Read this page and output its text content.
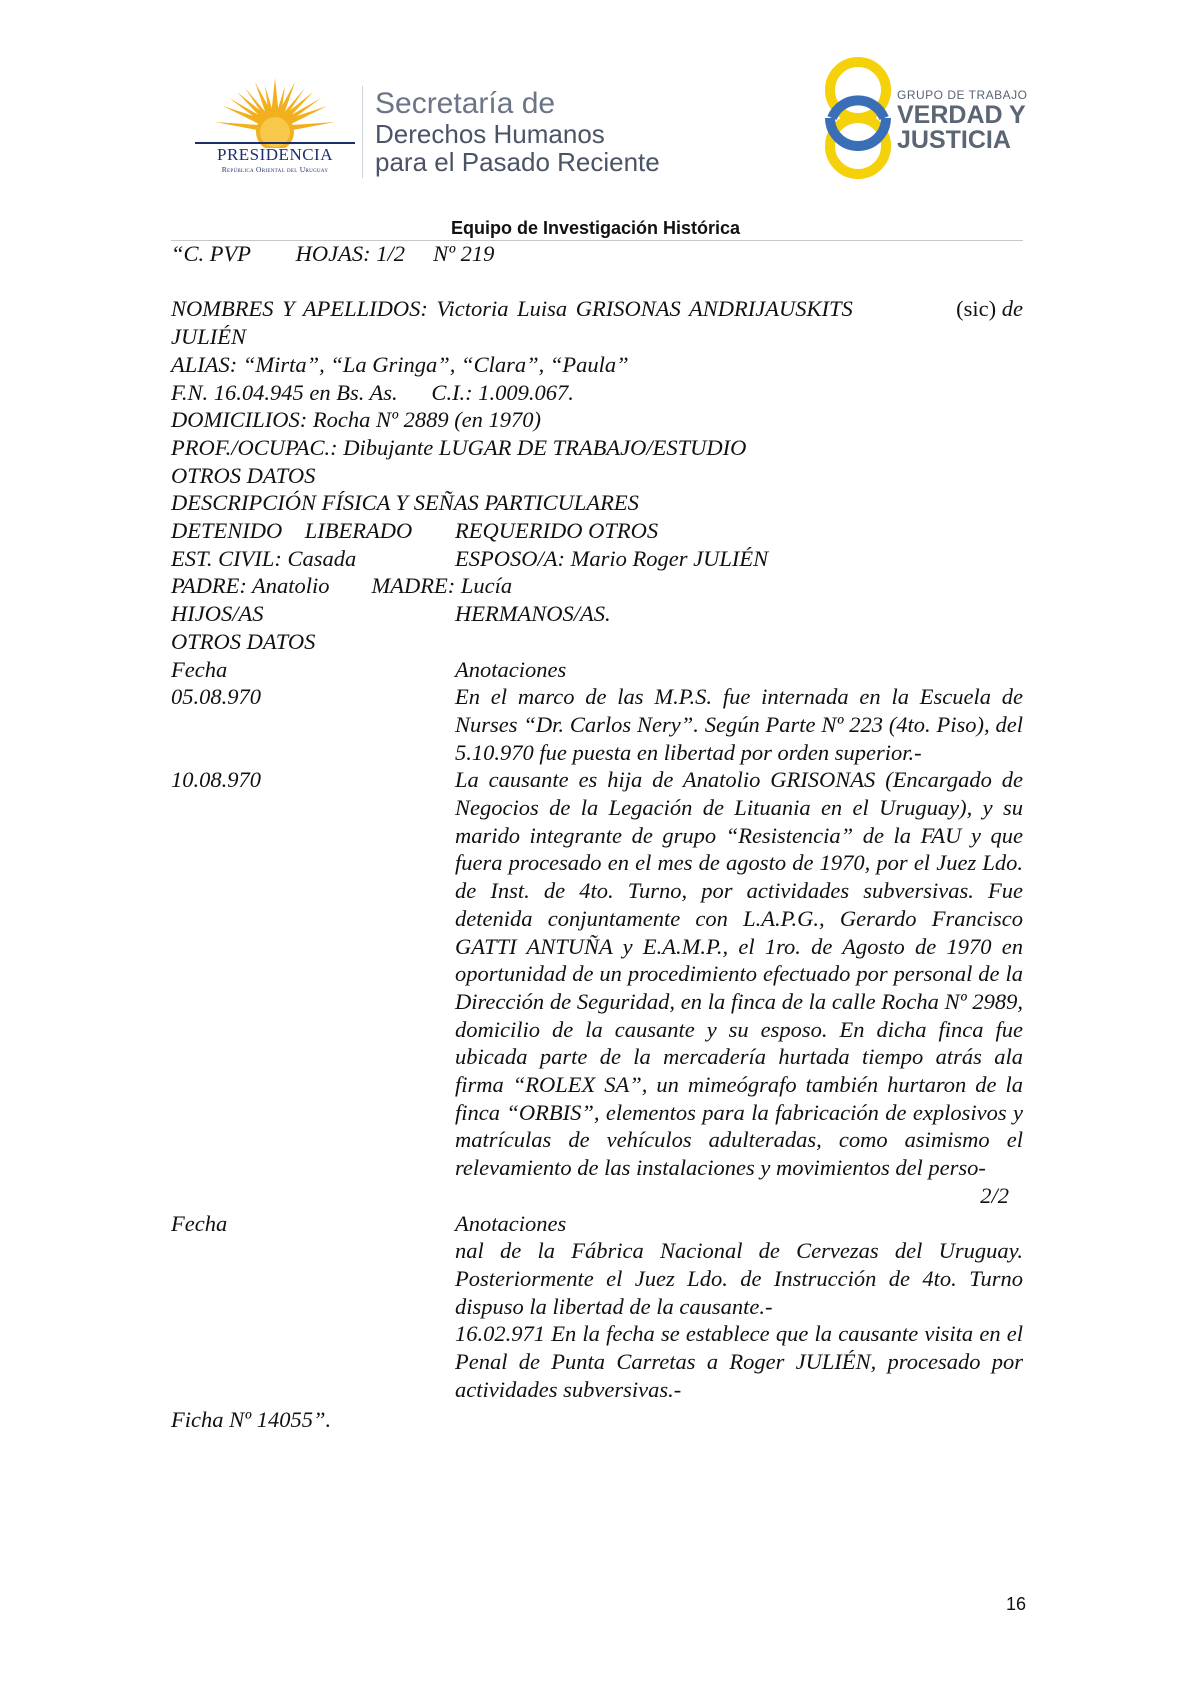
PRESIDENCIA
República Oriental del Uruguay
Secretaría de
Derechos Humanos
para el Pasado Reciente
GRUPO DE TRABAJO
VERDAD Y
JUSTICIA
Equipo de Investigación Histórica
“C. PVP        HOJAS: 1/2     Nº 219
NOMBRES Y APELLIDOS: Victoria Luisa GRISONAS ANDRIJAUSKITS	(sic) de
JULIÉN
ALIAS: “Mirta”, “La Gringa”, “Clara”, “Paula”
F.N. 16.04.945 en Bs. As.      C.I.: 1.009.067.
DOMICILIOS: Rocha Nº 2889 (en 1970)
PROF./OCUPAC.: Dibujante LUGAR DE TRABAJO/ESTUDIO
OTROS DATOS
DESCRIPCIÓN FÍSICA Y SEÑAS PARTICULARES
DETENIDO    LIBERADO	REQUERIDO OTROS
EST. CIVIL: Casada	ESPOSO/A: Mario Roger JULIÉN
PADRE: Anatolio MADRE: Lucía
HIJOS/AS	HERMANOS/AS.
OTROS DATOS
Fecha	Anotaciones
05.08.970	En el marco de las M.P.S. fue internada en la Escuela de Nurses “Dr. Carlos Nery”. Según Parte Nº 223 (4to. Piso), del 5.10.970 fue puesta en libertad por orden superior.-
10.08.970	La causante es hija de Anatolio GRISONAS (Encargado de Negocios de la Legación de Lituania en el Uruguay), y su marido integrante de grupo “Resistencia” de la FAU y que fuera procesado en el mes de agosto de 1970, por el Juez Ldo. de Inst. de 4to. Turno, por actividades subversivas. Fue detenida conjuntamente con L.A.P.G., Gerardo Francisco GATTI ANTUÑA y E.A.M.P., el 1ro. de Agosto de 1970 en oportunidad de un procedimiento efectuado por personal de la Dirección de Seguridad, en la finca de la calle Rocha Nº 2989, domicilio de la causante y su esposo. En dicha finca fue ubicada parte de la mercadería hurtada tiempo atrás ala firma “ROLEX SA”, un mimeógrafo también hurtaron de la finca “ORBIS”, elementos para la fabricación de explosivos y matrículas de vehículos adulteradas, como asimismo el relevamiento de las instalaciones y movimientos del perso-
2/2
Fecha	Anotaciones
nal de la Fábrica Nacional de Cervezas del Uruguay. Posteriormente el Juez Ldo. de Instrucción de 4to. Turno dispuso la libertad de la causante.-
16.02.971 En la fecha se establece que la causante visita en el Penal de Punta Carretas a Roger JULIÉN, procesado por actividades subversivas.-
Ficha Nº 14055”.
16
